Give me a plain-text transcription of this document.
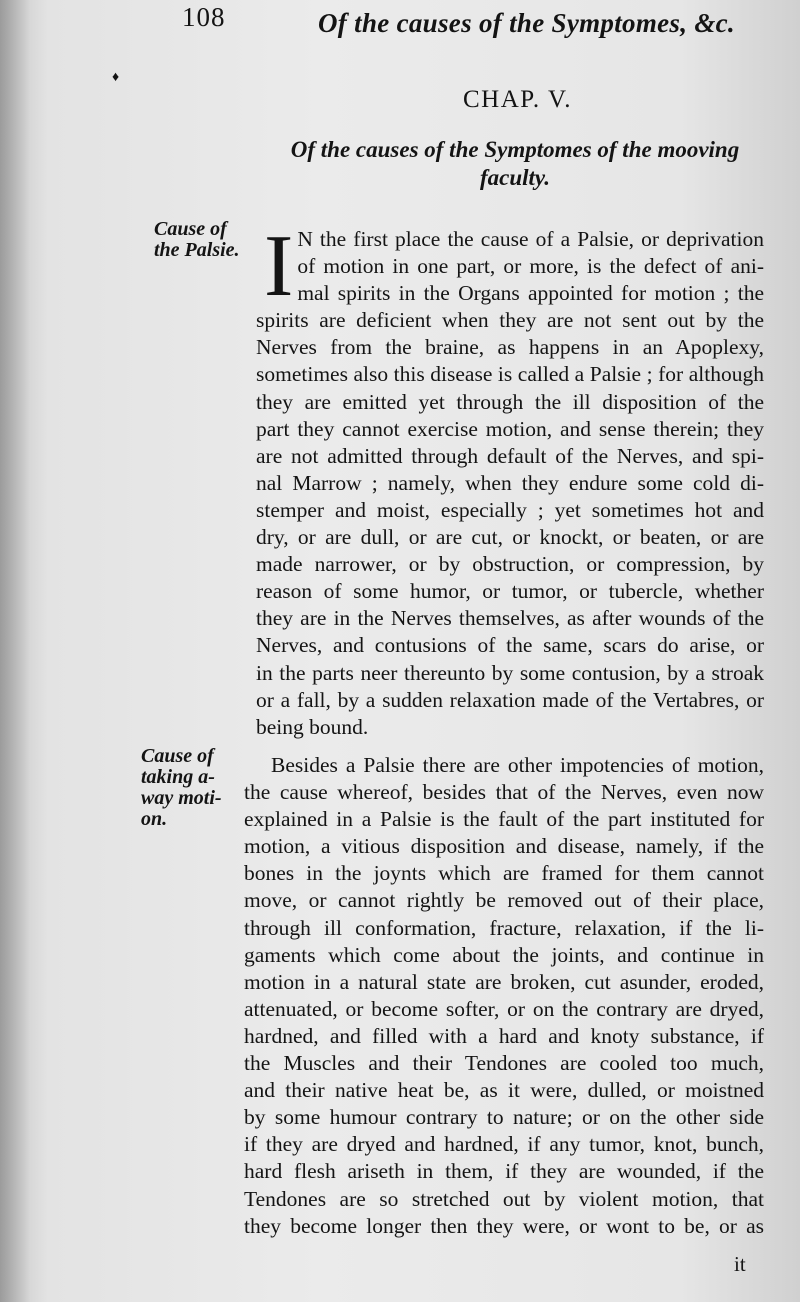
108	Of the causes of the Symptomes, &c.
♦
CHAP. V.
Of the causes of the Symptomes of the mooving faculty.
Cause of
the Palsie.
Cause of
taking a-
way moti-
on.
I N the first place the cause of a Palsie, or deprivation
of motion in one part, or more, is the defect of ani-
mal spirits in the Organs appointed for motion ; the
spirits are deficient when they are not sent out by the
Nerves from the braine, as happens in an Apoplexy,
sometimes also this disease is called a Palsie ; for although
they are emitted yet through the ill disposition of the
part they cannot exercise motion, and sense therein; they
are not admitted through default of the Nerves, and spi-
nal Marrow ; namely, when they endure some cold di-
stemper and moist, especially ; yet sometimes hot and
dry, or are dull, or are cut, or knockt, or beaten, or are
made narrower, or by obstruction, or compression, by
reason of some humor, or tumor, or tubercle, whether
they are in the Nerves themselves, as after wounds of the
Nerves, and contusions of the same, scars do arise, or
in the parts neer thereunto by some contusion, by a stroak
or a fall, by a sudden relaxation made of the Vertabres, or
being bound.
Besides a Palsie there are other impotencies of motion,
the cause whereof, besides that of the Nerves, even now
explained in a Palsie is the fault of the part instituted for
motion, a vitious disposition and disease, namely, if the
bones in the joynts which are framed for them cannot
move, or cannot rightly be removed out of their place,
through ill conformation, fracture, relaxation, if the li-
gaments which come about the joints, and continue in
motion in a natural state are broken, cut asunder, eroded,
attenuated, or become softer, or on the contrary are dryed,
hardned, and filled with a hard and knoty substance, if
the Muscles and their Tendones are cooled too much,
and their native heat be, as it were, dulled, or moistned
by some humour contrary to nature; or on the other side
if they are dryed and hardned, if any tumor, knot, bunch,
hard flesh ariseth in them, if they are wounded, if the
Tendones are so stretched out by violent motion, that
they become longer then they were, or wont to be, or as
it
